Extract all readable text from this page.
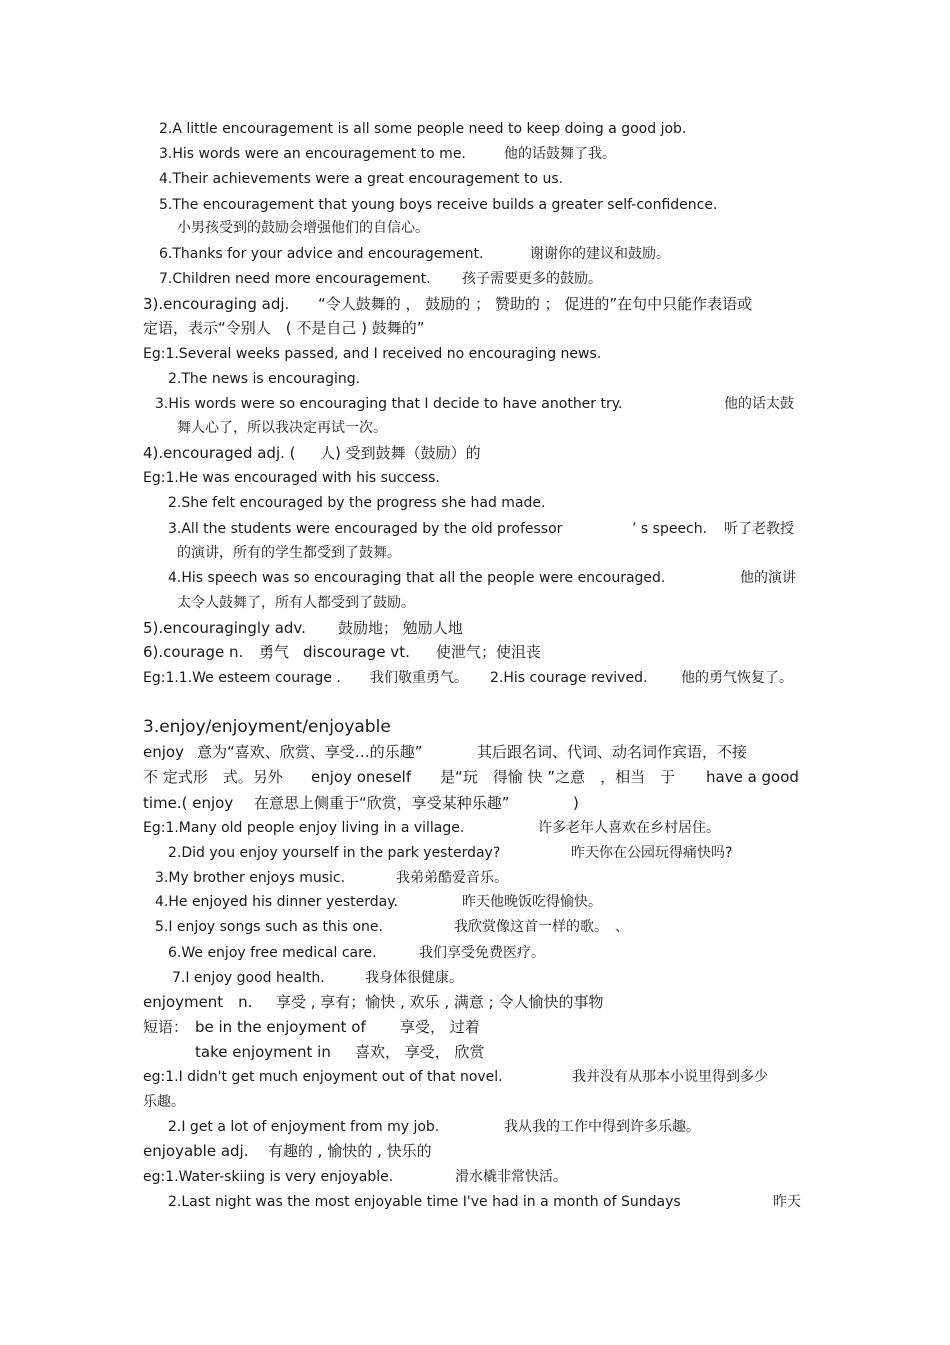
2.A little encouragement is all some people need to keep doing a good job.
3.His words were an encouragement to me.	他的话鼓舞了我。
4.Their achievements were a great encouragement to us.
5.The encouragement that young boys receive builds a greater self-confidence.
小男孩受到的鼓励会增强他们的自信心。
6.Thanks for your advice and encouragement.	谢谢你的建议和鼓励。
7.Children need more encouragement. 孩子需要更多的鼓励。
3).encouraging adj. “令人鼓舞的 ， 鼓励的 ； 赞助的 ； 促进的”在句中只能作表语或
定语，表示“令别人　( 不是自己 ) 鼓舞的”
Eg:1.Several weeks passed, and I received no encouraging news.
2.The news is encouraging.
3.His words were so encouraging that I decide to have another try.	他的话太鼓
舞人心了，所以我决定再试一次。
4).encouraged adj. ( 人) 受到鼓舞（鼓励）的
Eg:1.He was encouraged with his success.
2.She felt encouraged by the progress she had made.
3.All the students were encouraged by the old professor	’ s speech. 听了老教授
的演讲，所有的学生都受到了鼓舞。
4.His speech was so encouraging that all the people were encouraged.	他的演讲
太令人鼓舞了，所有人都受到了鼓励。
5).encouragingly adv. 鼓励地； 勉励人地
6).courage n. 勇气 discourage vt. 使泄气；使沮丧
Eg:1.1.We esteem courage . 我们敬重勇气。 2.His courage revived. 他的勇气恢复了。
3.enjoy/enjoyment/enjoyable
enjoy 意为“喜欢、欣赏、享受…的乐趣”	其后跟名词、代词、动名词作宾语，不接
不 定式形　式。另外 enjoy oneself 是“玩　得愉 快 ”之意　，相当　于 have a good
time.( enjoy 在意思上侧重于“欣赏，享受某种乐趣”	)
Eg:1.Many old people enjoy living in a village.	许多老年人喜欢在乡村居住。
2.Did you enjoy yourself in the park yesterday?	昨天你在公园玩得痛快吗?
3.My brother enjoys music.	我弟弟酷爱音乐。
4.He enjoyed his dinner yesterday.	昨天他晚饭吃得愉快。
5.I enjoy songs such as this one.	我欣赏像这首一样的歌。　、
6.We enjoy free medical care.	我们享受免费医疗。
7.I enjoy good health.	我身体很健康。
enjoyment　n. 享受 , 享有；愉快 , 欢乐 , 满意 ; 令人愉快的事物
短语： be in the enjoyment of 享受， 过着
take enjoyment in 喜欢， 享受， 欣赏
eg:1.I didn't get much enjoyment out of that novel.	我并没有从那本小说里得到多少
乐趣。
2.I get a lot of enjoyment from my job.	我从我的工作中得到许多乐趣。
enjoyable adj. 有趣的 , 愉快的 , 快乐的
eg:1.Water-skiing is very enjoyable.	滑水橇非常快活。
2.Last night was the most enjoyable time I've had in a month of Sundays	昨天
